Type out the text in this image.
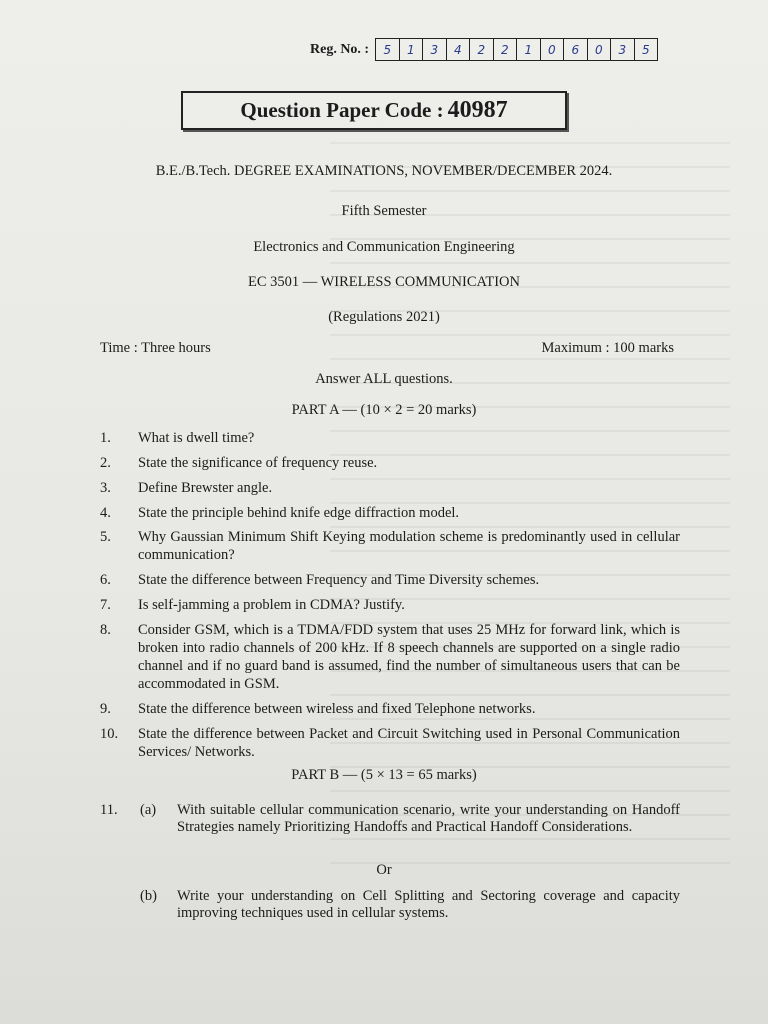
Reg. No. :	5	1	3	4	2	2	1	0	6	0	3	5
Question Paper Code : 40987
B.E./B.Tech. DEGREE EXAMINATIONS, NOVEMBER/DECEMBER 2024.
Fifth Semester
Electronics and Communication Engineering
EC 3501 — WIRELESS COMMUNICATION
(Regulations 2021)
Time : Three hours	Maximum : 100 marks
Answer ALL questions.
PART A — (10 × 2 = 20 marks)
1.	What is dwell time?
2.	State the significance of frequency reuse.
3.	Define Brewster angle.
4.	State the principle behind knife edge diffraction model.
5.	Why Gaussian Minimum Shift Keying modulation scheme is predominantly used in cellular communication?
6.	State the difference between Frequency and Time Diversity schemes.
7.	Is self-jamming a problem in CDMA? Justify.
8.	Consider GSM, which is a TDMA/FDD system that uses 25 MHz for forward link, which is broken into radio channels of 200 kHz. If 8 speech channels are supported on a single radio channel and if no guard band is assumed, find the number of simultaneous users that can be accommodated in GSM.
9.	State the difference between wireless and fixed Telephone networks.
10.	State the difference between Packet and Circuit Switching used in Personal Communication Services/ Networks.
PART B — (5 × 13 = 65 marks)
11. (a) With suitable cellular communication scenario, write your understanding on Handoff Strategies namely Prioritizing Handoffs and Practical Handoff Considerations.
Or
(b) Write your understanding on Cell Splitting and Sectoring coverage and capacity improving techniques used in cellular systems.
